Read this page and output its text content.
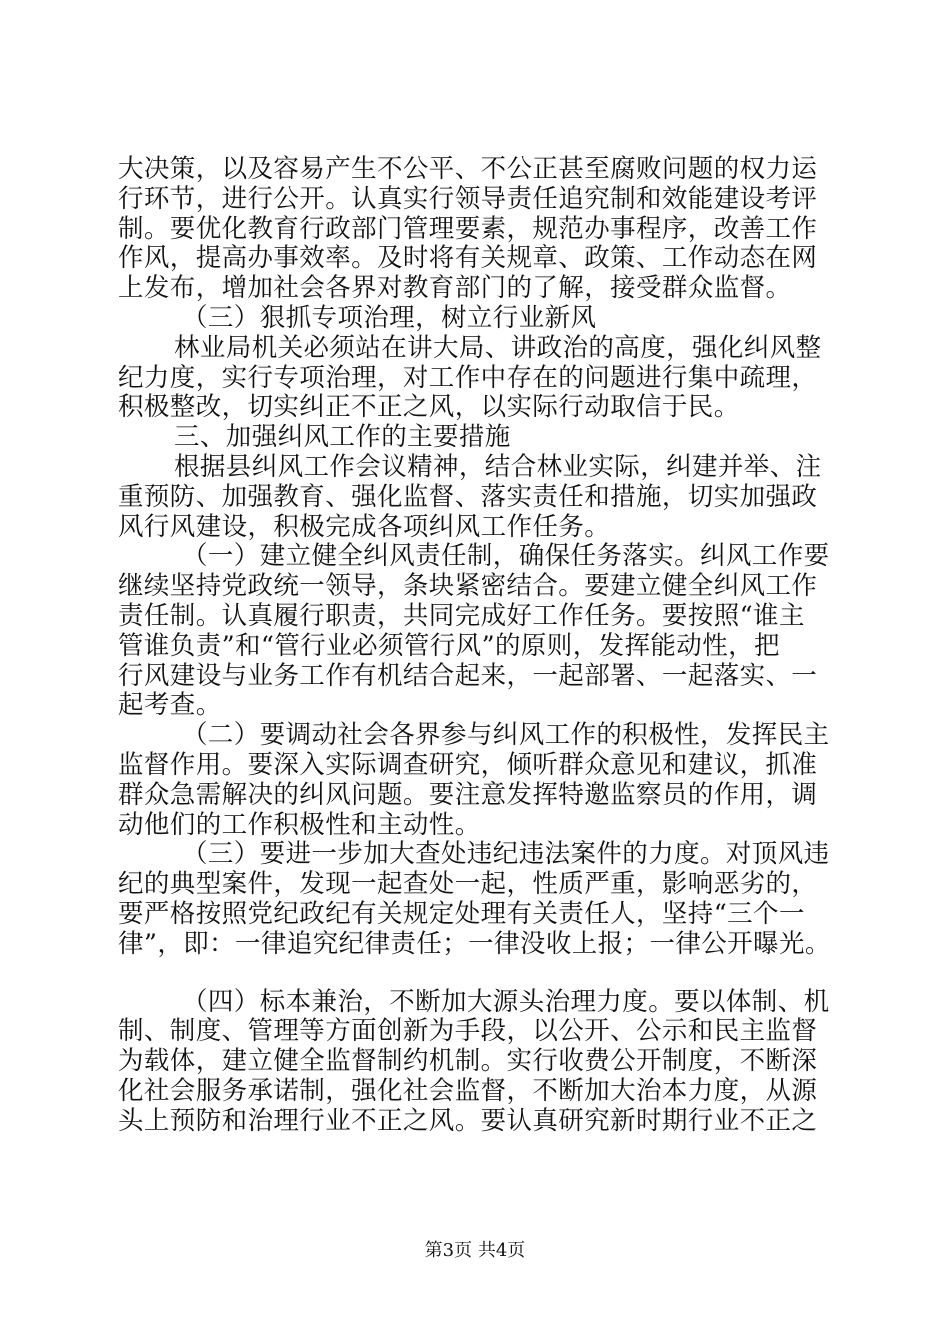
大决策，以及容易产生不公平、不公正甚至腐败问题的权力运
行环节，进行公开。认真实行领导责任追究制和效能建设考评
制。要优化教育行政部门管理要素，规范办事程序，改善工作
作风，提高办事效率。及时将有关规章、政策、工作动态在网
上发布，增加社会各界对教育部门的了解，接受群众监督。
（三）狠抓专项治理，树立行业新风
林业局机关必须站在讲大局、讲政治的高度，强化纠风整
纪力度，实行专项治理，对工作中存在的问题进行集中疏理，
积极整改，切实纠正不正之风，以实际行动取信于民。
三、加强纠风工作的主要措施
根据县纠风工作会议精神，结合林业实际，纠建并举、注
重预防、加强教育、强化监督、落实责任和措施，切实加强政
风行风建设，积极完成各项纠风工作任务。
（一）建立健全纠风责任制，确保任务落实。纠风工作要
继续坚持党政统一领导，条块紧密结合。要建立健全纠风工作
责任制。认真履行职责，共同完成好工作任务。要按照“谁主
管谁负责”和“管行业必须管行风”的原则，发挥能动性，把
行风建设与业务工作有机结合起来，一起部署、一起落实、一
起考查。
（二）要调动社会各界参与纠风工作的积极性，发挥民主
监督作用。要深入实际调查研究，倾听群众意见和建议，抓准
群众急需解决的纠风问题。要注意发挥特邀监察员的作用，调
动他们的工作积极性和主动性。
（三）要进一步加大查处违纪违法案件的力度。对顶风违
纪的典型案件，发现一起查处一起，性质严重，影响恶劣的，
要严格按照党纪政纪有关规定处理有关责任人，坚持“三个一
律”，即：一律追究纪律责任；一律没收上报；一律公开曝光。
（四）标本兼治，不断加大源头治理力度。要以体制、机
制、制度、管理等方面创新为手段，以公开、公示和民主监督
为载体，建立健全监督制约机制。实行收费公开制度，不断深
化社会服务承诺制，强化社会监督，不断加大治本力度，从源
头上预防和治理行业不正之风。要认真研究新时期行业不正之
第3页 共4页
